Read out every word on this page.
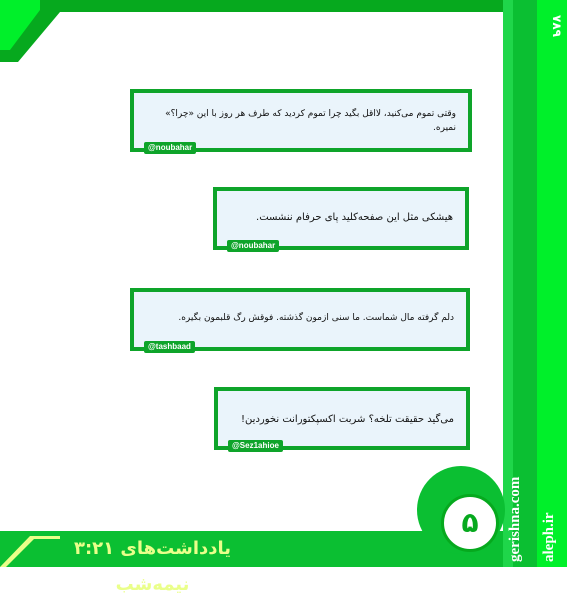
۷۸۹
وقتی تموم می‌کنید، لااقل بگید چرا تموم کردید که طرف هر روز با این «چرا؟» نمیره.
@noubahar
هیشکی مثل این صفحه‌کلید پای حرفام ننشست.
@noubahar
دلم گرفته مال شماست. ما سنی ازمون گذشته. فوقش رگ قلبمون بگیره.
@tashbaad
می‌گید حقیقت تلخه؟ شربت اکسپکتورانت نخوردین!
@Sez1ahioe
یادداشت‌های ۳:۲۱ نیمه‌شب
۵	gerishna.com aleph.ir
